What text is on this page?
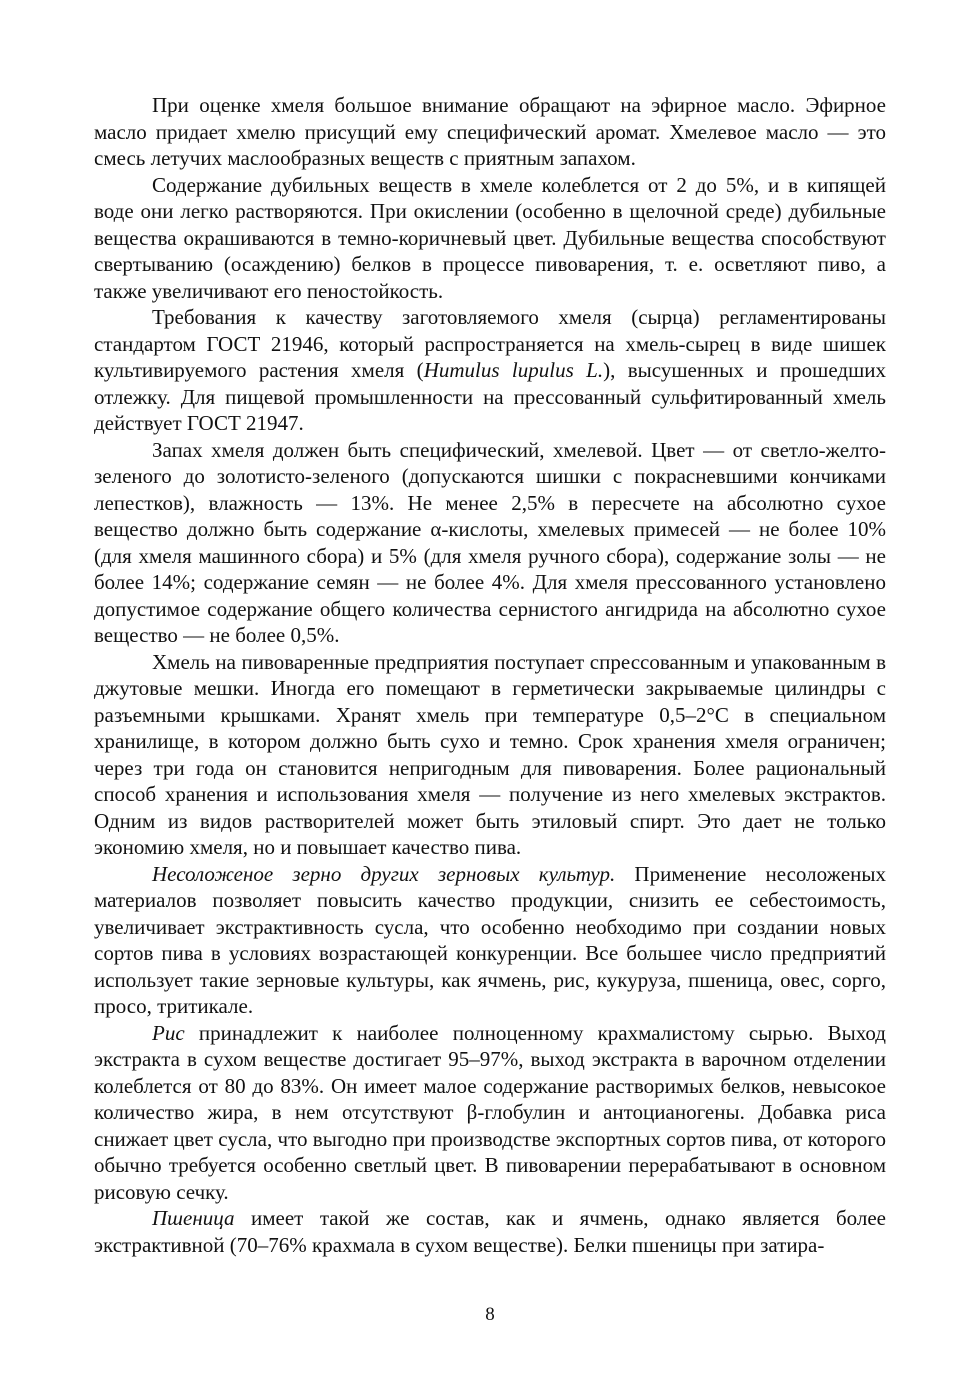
При оценке хмеля большое внимание обращают на эфирное масло. Эфирное масло придает хмелю присущий ему специфический аромат. Хмелевое масло — это смесь летучих маслообразных веществ с приятным запахом.

Содержание дубильных веществ в хмеле колеблется от 2 до 5%, и в кипящей воде они легко растворяются. При окислении (особенно в щелочной среде) дубильные вещества окрашиваются в темно-коричневый цвет. Дубильные вещества способствуют свертыванию (осаждению) белков в процессе пивоварения, т. е. осветляют пиво, а также увеличивают его пеностойкость.

Требования к качеству заготовляемого хмеля (сырца) регламентированы стандартом ГОСТ 21946, который распространяется на хмель-сырец в виде шишек культивируемого растения хмеля (Humulus lupulus L.), высушенных и прошедших отлежку. Для пищевой промышленности на прессованный сульфитированный хмель действует ГОСТ 21947.

Запах хмеля должен быть специфический, хмелевой. Цвет — от светло-желто-зеленого до золотисто-зеленого (допускаются шишки с покрасневшими кончиками лепестков), влажность — 13%. Не менее 2,5% в пересчете на абсолютно сухое вещество должно быть содержание α-кислоты, хмелевых примесей — не более 10% (для хмеля машинного сбора) и 5% (для хмеля ручного сбора), содержание золы — не более 14%; содержание семян — не более 4%. Для хмеля прессованного установлено допустимое содержание общего количества сернистого ангидрида на абсолютно сухое вещество — не более 0,5%.

Хмель на пивоваренные предприятия поступает спрессованным и упакованным в джутовые мешки. Иногда его помещают в герметически закрываемые цилиндры с разъемными крышками. Хранят хмель при температуре 0,5–2°С в специальном хранилище, в котором должно быть сухо и темно. Срок хранения хмеля ограничен; через три года он становится непригодным для пивоварения. Более рациональный способ хранения и использования хмеля — получение из него хмелевых экстрактов. Одним из видов растворителей может быть этиловый спирт. Это дает не только экономию хмеля, но и повышает качество пива.

Несоложеное зерно других зерновых культур. Применение несоложеных материалов позволяет повысить качество продукции, снизить ее себестоимость, увеличивает экстрактивность сусла, что особенно необходимо при создании новых сортов пива в условиях возрастающей конкуренции. Все большее число предприятий использует такие зерновые культуры, как ячмень, рис, кукуруза, пшеница, овес, сорго, просо, тритикале.

Рис принадлежит к наиболее полноценному крахмалистому сырью. Выход экстракта в сухом веществе достигает 95–97%, выход экстракта в варочном отделении колеблется от 80 до 83%. Он имеет малое содержание растворимых белков, невысокое количество жира, в нем отсутствуют β-глобулин и антоцианогены. Добавка риса снижает цвет сусла, что выгодно при производстве экспортных сортов пива, от которого обычно требуется особенно светлый цвет. В пивоварении перерабатывают в основном рисовую сечку.

Пшеница имеет такой же состав, как и ячмень, однако является более экстрактивной (70–76% крахмала в сухом веществе). Белки пшеницы при затира-

8
